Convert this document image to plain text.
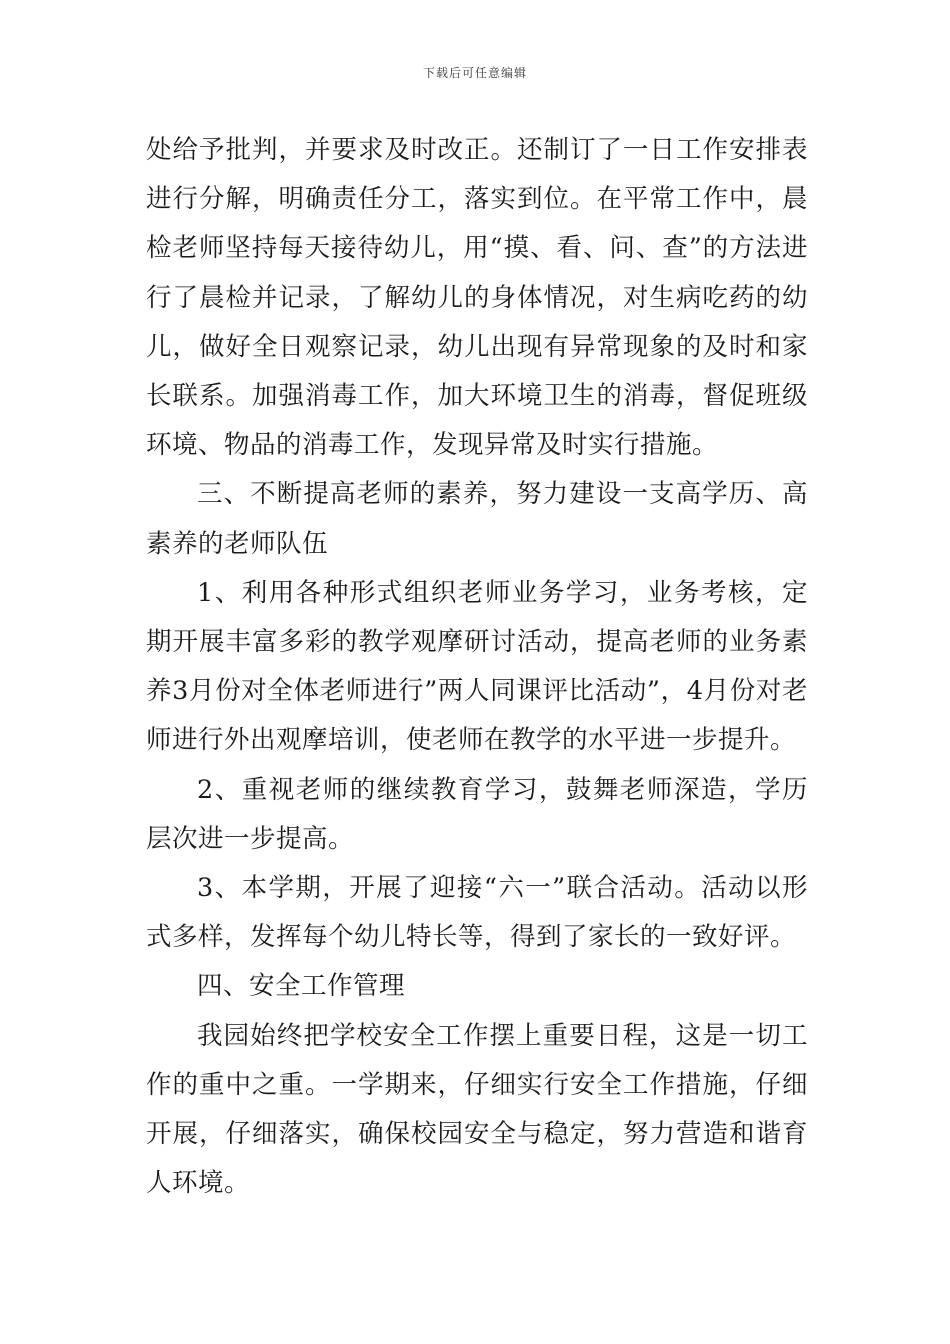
下载后可任意编辑

处给予批判，并要求及时改正。还制订了一日工作安排表进行分解，明确责任分工，落实到位。在平常工作中，晨检老师坚持每天接待幼儿，用“摸、看、问、查”的方法进行了晨检并记录，了解幼儿的身体情况，对生病吃药的幼儿，做好全日观察记录，幼儿出现有异常现象的及时和家长联系。加强消毒工作，加大环境卫生的消毒，督促班级环境、物品的消毒工作，发现异常及时实行措施。

三、不断提高老师的素养，努力建设一支高学历、高素养的老师队伍

1、利用各种形式组织老师业务学习，业务考核，定期开展丰富多彩的教学观摩研讨活动，提高老师的业务素养3月份对全体老师进行”两人同课评比活动”，4月份对老师进行外出观摩培训，使老师在教学的水平进一步提升。

2、重视老师的继续教育学习，鼓舞老师深造，学历层次进一步提高。

3、本学期，开展了迎接“六一”联合活动。活动以形式多样，发挥每个幼儿特长等，得到了家长的一致好评。

四、安全工作管理

我园始终把学校安全工作摆上重要日程，这是一切工作的重中之重。一学期来，仔细实行安全工作措施，仔细开展，仔细落实，确保校园安全与稳定，努力营造和谐育人环境。
